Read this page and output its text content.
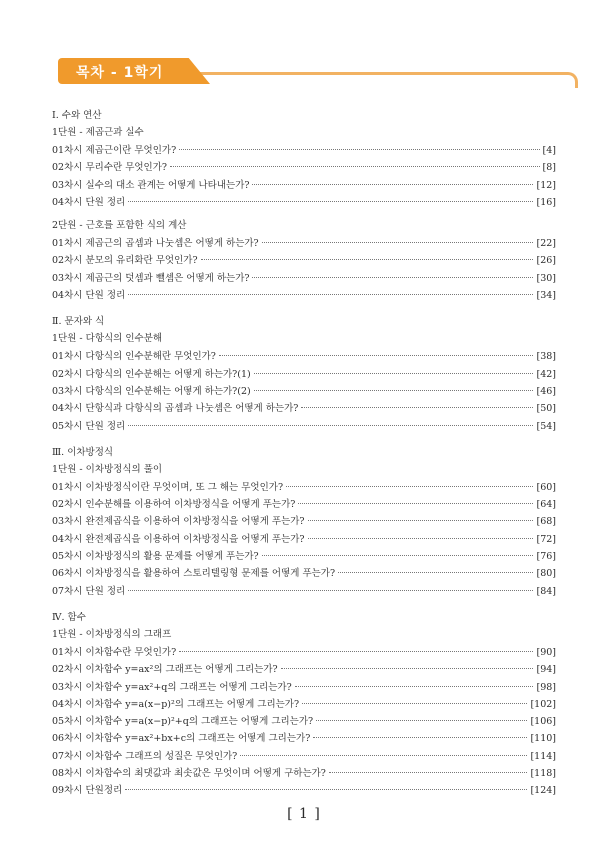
목차 - 1학기
Ⅰ. 수와 연산
1단원 - 제곱근과 실수
01차시 제곱근이란 무엇인가?	[4]
02차시 무리수란 무엇인가?	[8]
03차시 실수의 대소 관계는 어떻게 나타내는가?	[12]
04차시 단원 정리	[16]
2단원 - 근호를 포함한 식의 계산
01차시 제곱근의 곱셈과 나눗셈은 어떻게 하는가?	[22]
02차시 분모의 유리화란 무엇인가?	[26]
03차시 제곱근의 덧셈과 뺄셈은 어떻게 하는가?	[30]
04차시 단원 정리	[34]
Ⅱ. 문자와 식
1단원 - 다항식의 인수분해
01차시 다항식의 인수분해란 무엇인가?	[38]
02차시 다항식의 인수분해는 어떻게 하는가?(1)	[42]
03차시 다항식의 인수분해는 어떻게 하는가?(2)	[46]
04차시 단항식과 다항식의 곱셈과 나눗셈은 어떻게 하는가?	[50]
05차시 단원 정리	[54]
Ⅲ. 이차방정식
1단원 - 이차방정식의 풀이
01차시 이차방정식이란 무엇이며, 또 그 해는 무엇인가?	[60]
02차시 인수분해를 이용하여 이차방정식을 어떻게 푸는가?	[64]
03차시 완전제곱식을 이용하여 이차방정식을 어떻게 푸는가?	[68]
04차시 완전제곱식을 이용하여 이차방정식을 어떻게 푸는가?	[72]
05차시 이차방정식의 활용 문제를 어떻게 푸는가?	[76]
06차시 이차방정식을 활용하여 스토리텔링형 문제를 어떻게 푸는가?	[80]
07차시 단원 정리	[84]
Ⅳ. 함수
1단원 - 이차방정식의 그래프
01차시 이차함수란 무엇인가?	[90]
02차시 이차함수 y=ax²의 그래프는 어떻게 그리는가?	[94]
03차시 이차함수 y=ax²+q의 그래프는 어떻게 그리는가?	[98]
04차시 이차함수 y=a(x−p)²의 그래프는 어떻게 그리는가?	[102]
05차시 이차함수 y=a(x−p)²+q의 그래프는 어떻게 그리는가?	[106]
06차시 이차함수 y=ax²+bx+c의 그래프는 어떻게 그리는가?	[110]
07차시 이차함수 그래프의 성질은 무엇인가?	[114]
08차시 이차함수의 최댓값과 최솟값은 무엇이며 어떻게 구하는가?	[118]
09차시 단원정리	[124]
[ 1 ]
